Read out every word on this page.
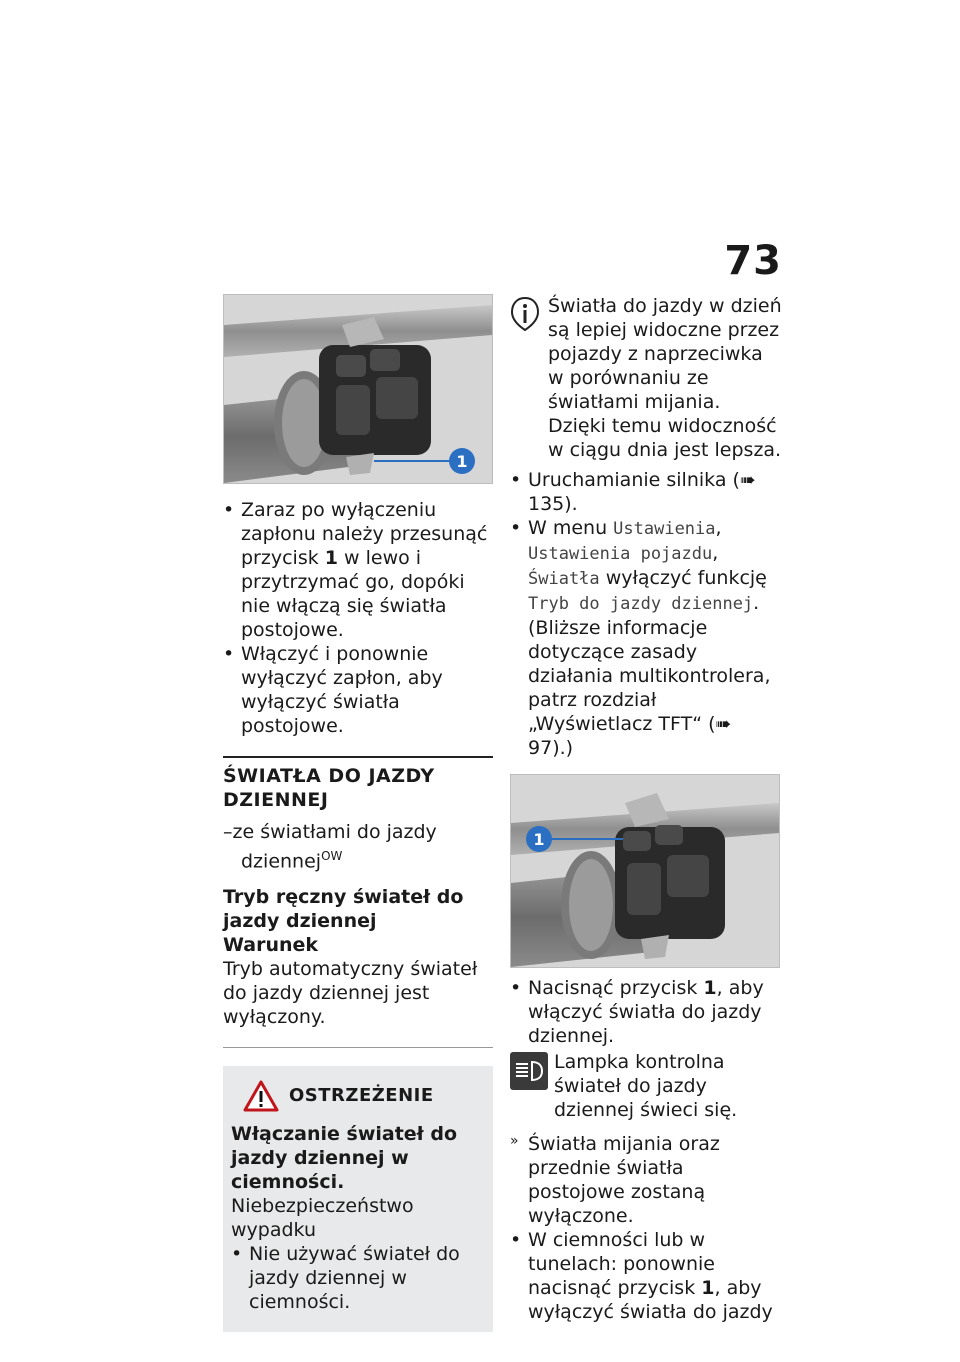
73
1

• Zaraz po wyłączeniu zapłonu należy przesunąć przycisk 1 w lewo i przytrzymać go, dopóki nie włączą się światła postojowe.

• Włączyć i ponownie wyłączyć zapłon, aby wyłączyć światła postojowe.

ŚWIATŁA DO JAZDY DZIENNEJ

–ze światłami do jazdy dziennej$^{OW}$

Tryb ręczny świateł do jazdy dziennej

Warunek

Tryb automatyczny świateł do jazdy dziennej jest wyłączony.

OSTRZEŻENIE

Włączanie świateł do jazdy dziennej w ciemności.

Niebezpieczeństwo wypadku

• Nie używać świateł do jazdy dziennej w ciemności.

Światła do jazdy w dzień są lepiej widoczne przez pojazdy z naprzeciwka w porównaniu ze światłami mijania. Dzięki temu widoczność w ciągu dnia jest lepsza.

• Uruchamianie silnika (➠ 135).

• W menu Ustawienia, Ustawienia pojazdu, Światła wyłączyć funkcję Tryb do jazdy dziennej. (Bliższe informacje dotyczące zasady działania multikontrolera, patrz rozdział „Wyświetlacz TFT“ (➠ 97).)

1

• Nacisnąć przycisk 1, aby włączyć światła do jazdy dziennej.

Lampka kontrolna świateł do jazdy dziennej świeci się.

» Światła mijania oraz przednie światła postojowe zostaną wyłączone.

• W ciemności lub w tunelach: ponownie nacisnąć przycisk 1, aby wyłączyć światła do jazdy
